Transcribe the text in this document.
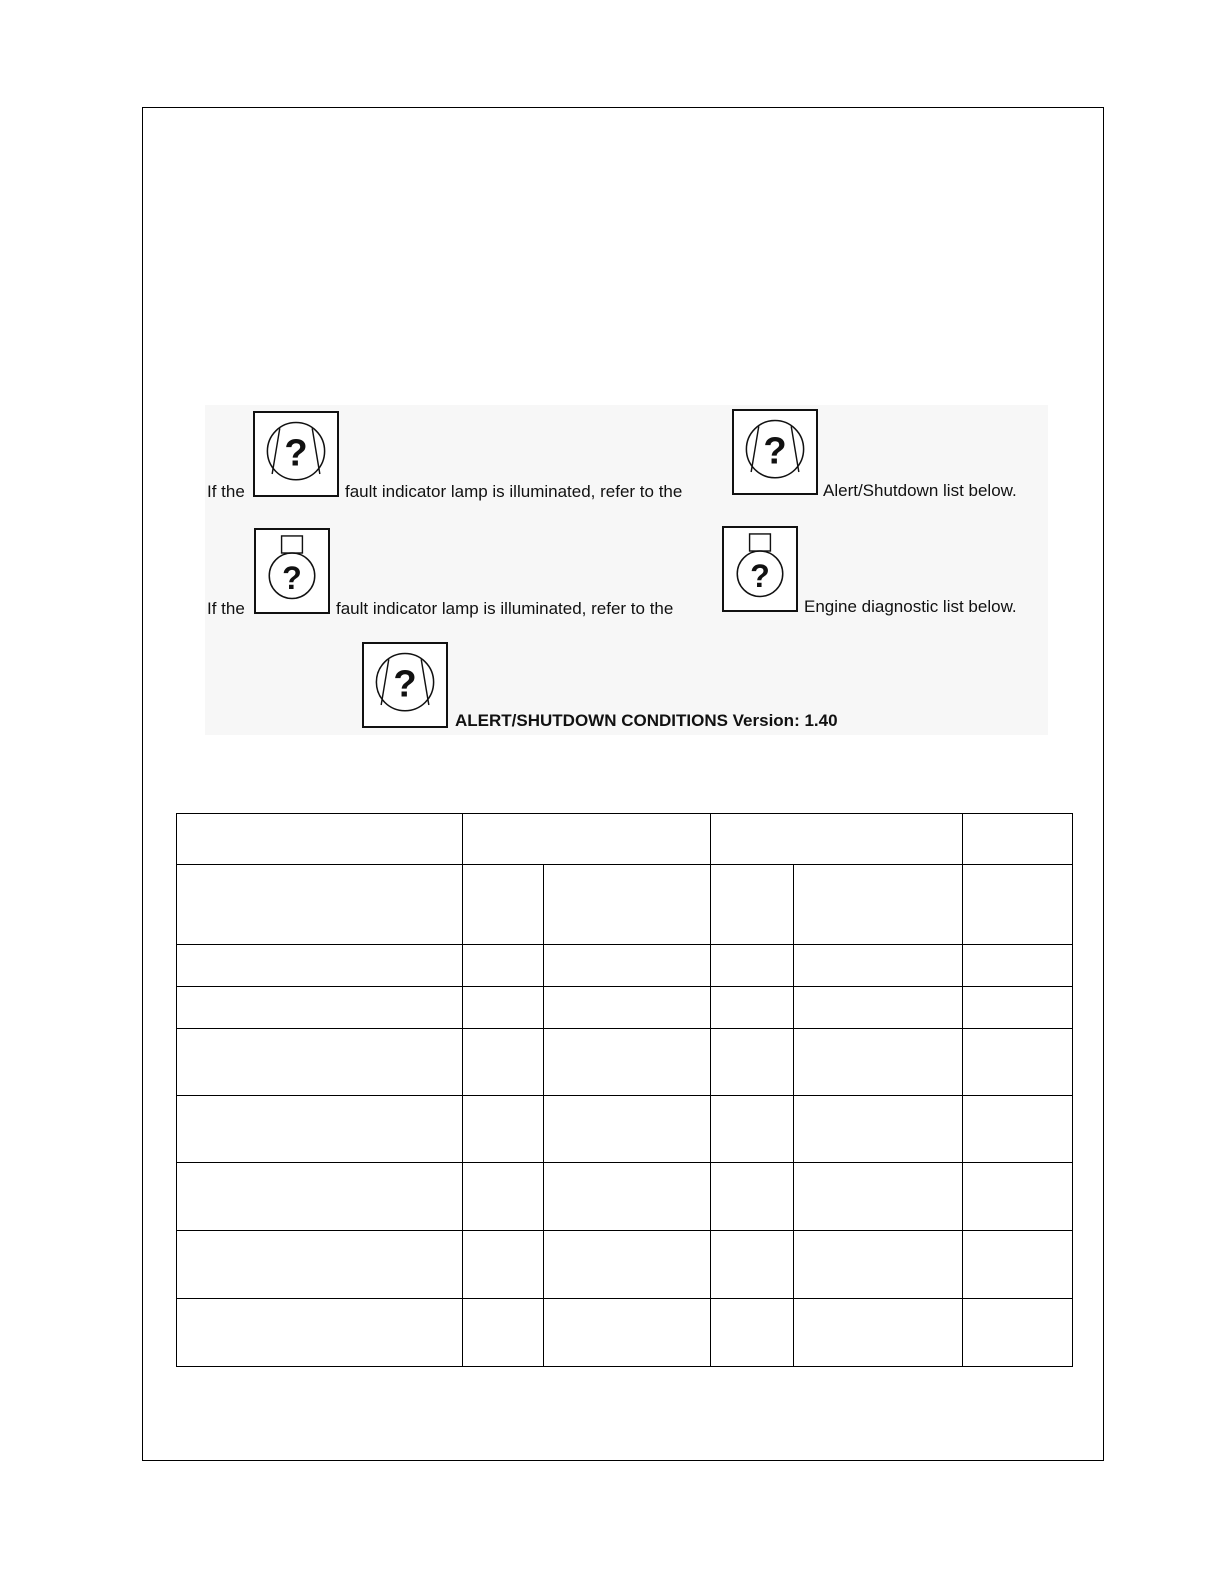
If the
?
fault indicator lamp is illuminated, refer to the
?
Alert/Shutdown list below.
If the
?
fault indicator lamp is illuminated, refer to the
?
Engine diagnostic list below.
?
ALERT/SHUTDOWN CONDITIONS Version: 1.40
